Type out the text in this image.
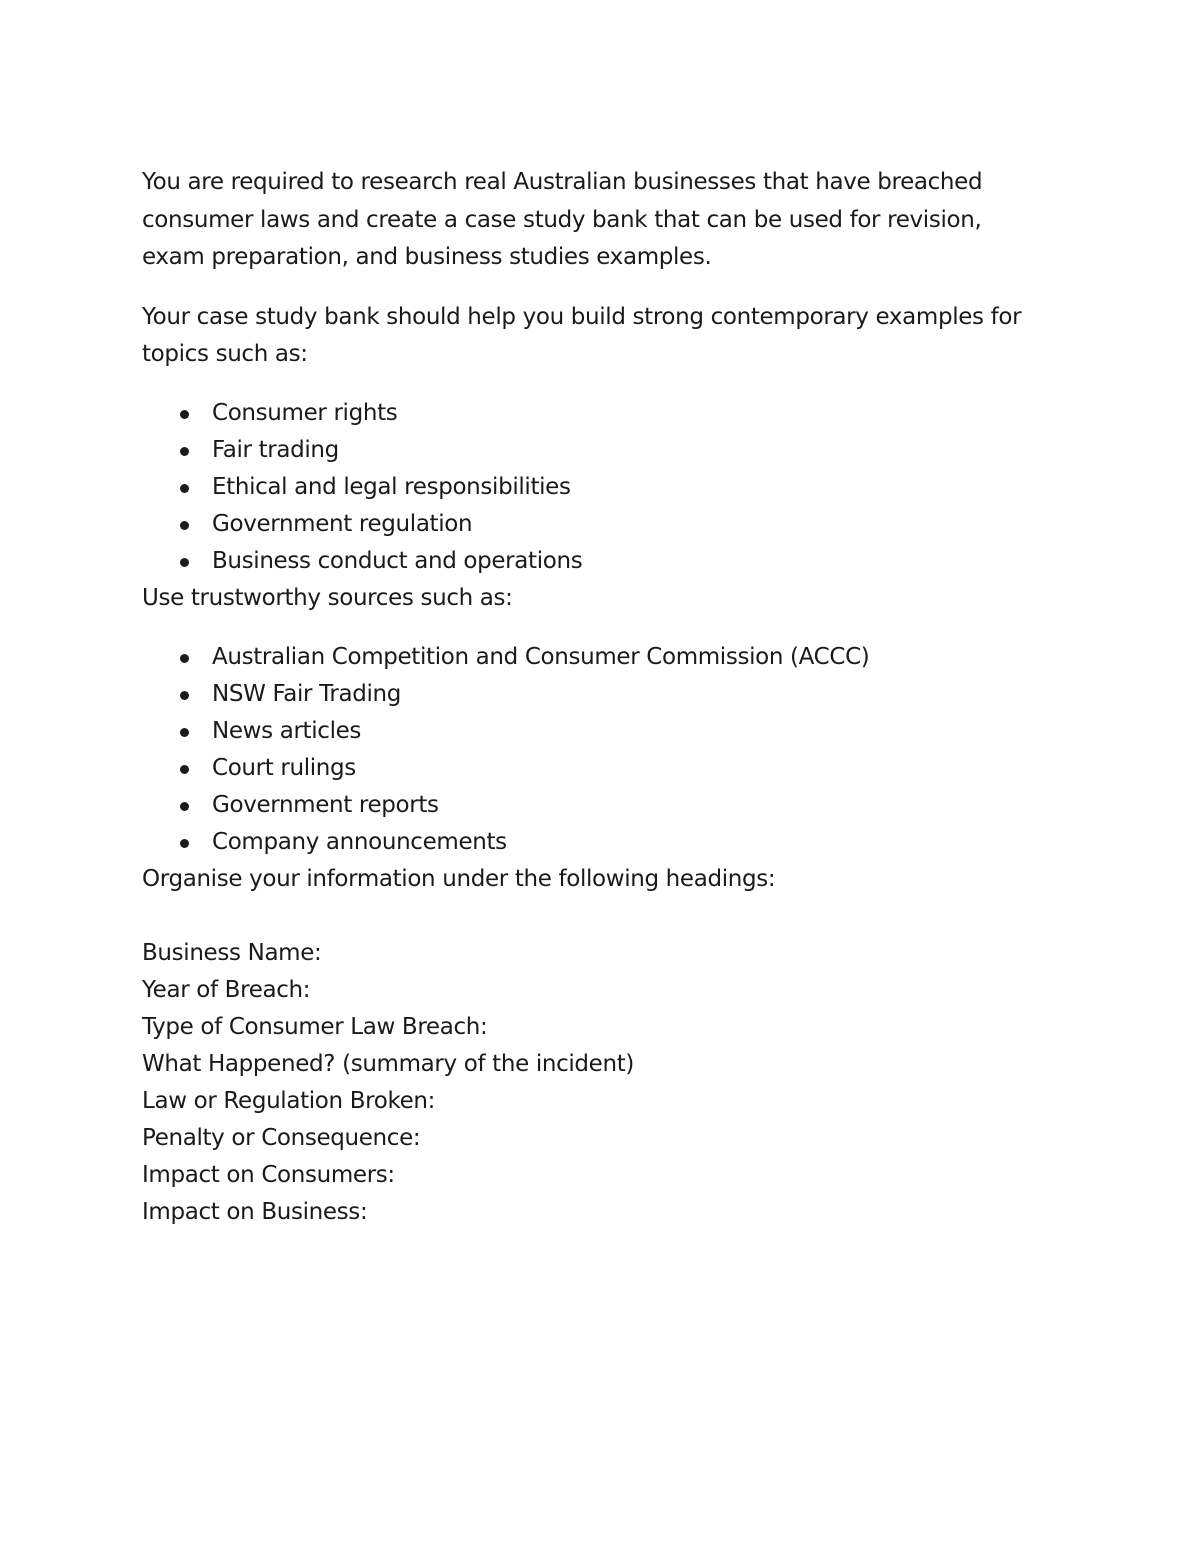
You are required to research real Australian businesses that have breached consumer laws and create a case study bank that can be used for revision, exam preparation, and business studies examples.

Your case study bank should help you build strong contemporary examples for topics such as:

Consumer rights
Fair trading
Ethical and legal responsibilities
Government regulation
Business conduct and operations

Use trustworthy sources such as:

Australian Competition and Consumer Commission (ACCC)
NSW Fair Trading
News articles
Court rulings
Government reports
Company announcements

Organise your information under the following headings:

Business Name:

Year of Breach:

Type of Consumer Law Breach:

What Happened? (summary of the incident)

Law or Regulation Broken:

Penalty or Consequence:

Impact on Consumers:

Impact on Business:
